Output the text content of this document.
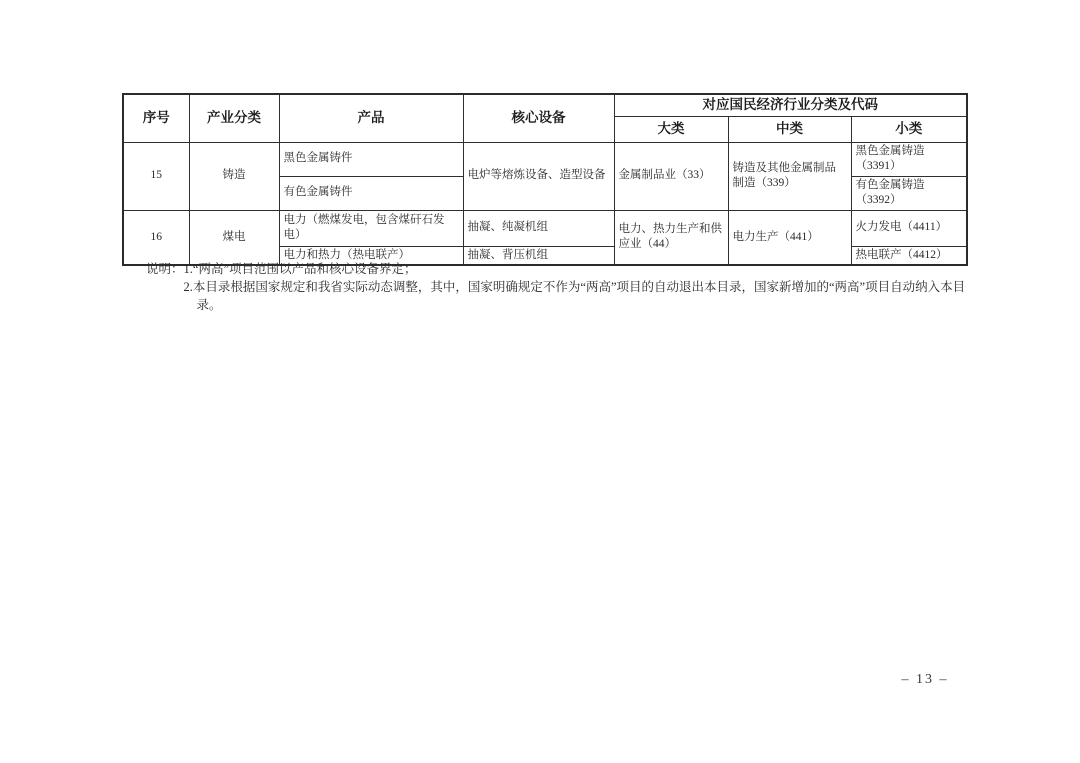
序号	产业分类	产品	核心设备	对应国民经济行业分类及代码		
				大类	中类	小类
15	铸造	黑色金属铸件	电炉等熔炼设备、造型设备	金属制品业（33）	铸造及其他金属制品制造（339）	黑色金属铸造（3391）
		有色金属铸件				有色金属铸造（3392）
16	煤电	电力（燃煤发电，包含煤矸石发电）	抽凝、纯凝机组	电力、热力生产和供应业（44）	电力生产（441）	火力发电（4411）
		电力和热力（热电联产）	抽凝、背压机组			热电联产（4412）
说明： 1.“两高”项目范围以产品和核心设备界定；
2.本目录根据国家规定和我省实际动态调整，其中，国家明确规定不作为“两高”项目的自动退出本目录，国家新增加的“两高”项目自动纳入本目录。
– 13 –
